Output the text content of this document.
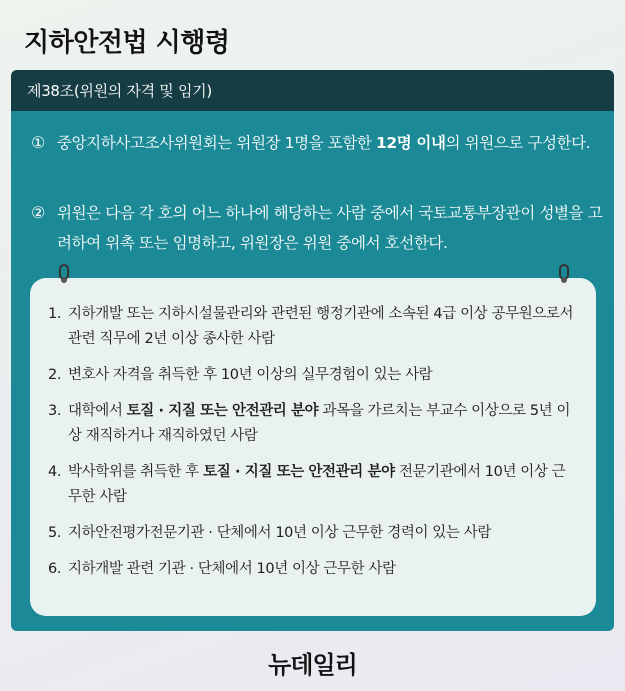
지하안전법 시행령
제38조(위원의 자격 및 임기)
① 중앙지하사고조사위원회는 위원장 1명을 포함한 12명 이내의 위원으로 구성한다.
② 위원은 다음 각 호의 어느 하나에 해당하는 사람 중에서 국토교통부장관이 성별을 고려하여 위촉 또는 임명하고, 위원장은 위원 중에서 호선한다.
1. 지하개발 또는 지하시설물관리와 관련된 행정기관에 소속된 4급 이상 공무원으로서 관련 직무에 2년 이상 종사한 사람
2. 변호사 자격을 취득한 후 10년 이상의 실무경험이 있는 사람
3. 대학에서 토질 · 지질 또는 안전관리 분야 과목을 가르치는 부교수 이상으로 5년 이상 재직하거나 재직하였던 사람
4. 박사학위를 취득한 후 토질 · 지질 또는 안전관리 분야 전문기관에서 10년 이상 근무한 사람
5. 지하안전평가전문기관 · 단체에서 10년 이상 근무한 경력이 있는 사람
6. 지하개발 관련 기관 · 단체에서 10년 이상 근무한 사람
뉴데일리
